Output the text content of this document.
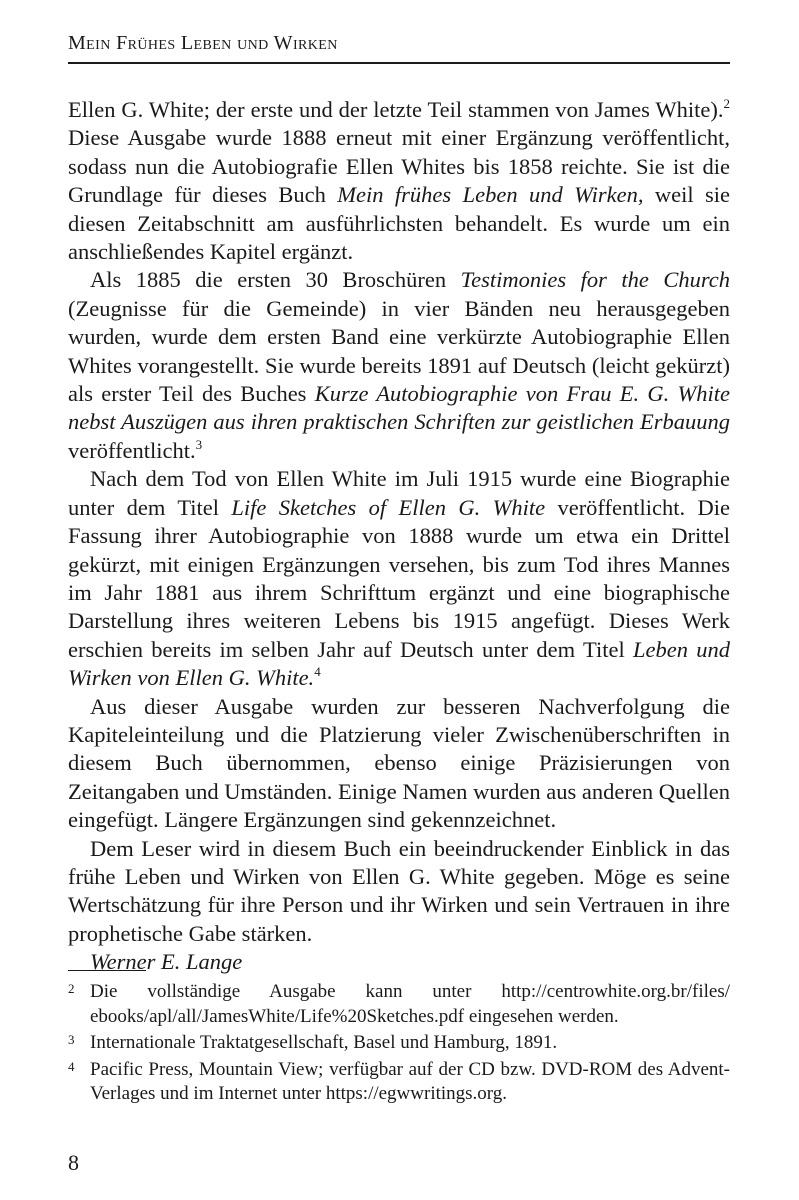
Mein Frühes Leben und Wirken

Ellen G. White; der erste und der letzte Teil stammen von James White).$^2$ Diese Ausgabe wurde 1888 erneut mit einer Ergänzung veröffentlicht, sodass nun die Autobiografie Ellen Whites bis 1858 reichte. Sie ist die Grundlage für dieses Buch Mein frühes Leben und Wirken, weil sie diesen Zeitabschnitt am ausführlichsten behandelt. Es wurde um ein anschließendes Kapitel ergänzt.

Als 1885 die ersten 30 Broschüren Testimonies for the Church (Zeugnisse für die Gemeinde) in vier Bänden neu herausgegeben wurden, wurde dem ersten Band eine verkürzte Autobiographie Ellen Whites vorangestellt. Sie wurde bereits 1891 auf Deutsch (leicht gekürzt) als erster Teil des Buches Kurze Autobiographie von Frau E. G. White nebst Auszügen aus ihren praktischen Schriften zur geistlichen Erbauung veröffentlicht.$^3$

Nach dem Tod von Ellen White im Juli 1915 wurde eine Biographie unter dem Titel Life Sketches of Ellen G. White veröffentlicht. Die Fassung ihrer Autobiographie von 1888 wurde um etwa ein Drittel gekürzt, mit einigen Ergänzungen versehen, bis zum Tod ihres Mannes im Jahr 1881 aus ihrem Schrifttum ergänzt und eine biographische Darstellung ihres weiteren Lebens bis 1915 angefügt. Dieses Werk erschien bereits im selben Jahr auf Deutsch unter dem Titel Leben und Wirken von Ellen G. White.$^4$

Aus dieser Ausgabe wurden zur besseren Nachverfolgung die Kapiteleinteilung und die Platzierung vieler Zwischenüberschriften in diesem Buch übernommen, ebenso einige Präzisierungen von Zeitangaben und Umständen. Einige Namen wurden aus anderen Quellen eingefügt. Längere Ergänzungen sind gekennzeichnet.

Dem Leser wird in diesem Buch ein beeindruckender Einblick in das frühe Leben und Wirken von Ellen G. White gegeben. Möge es seine Wertschätzung für ihre Person und ihr Wirken und sein Vertrauen in ihre prophetische Gabe stärken.

Werner E. Lange

2 Die vollständige Ausgabe kann unter http://centrowhite.org.br/files/ ebooks/apl/all/JamesWhite/Life%20Sketches.pdf eingesehen werden.
3 Internationale Traktatgesellschaft, Basel und Hamburg, 1891.
4 Pacific Press, Mountain View; verfügbar auf der CD bzw. DVD-ROM des Advent-Verlages und im Internet unter https://egwwritings.org.
8
